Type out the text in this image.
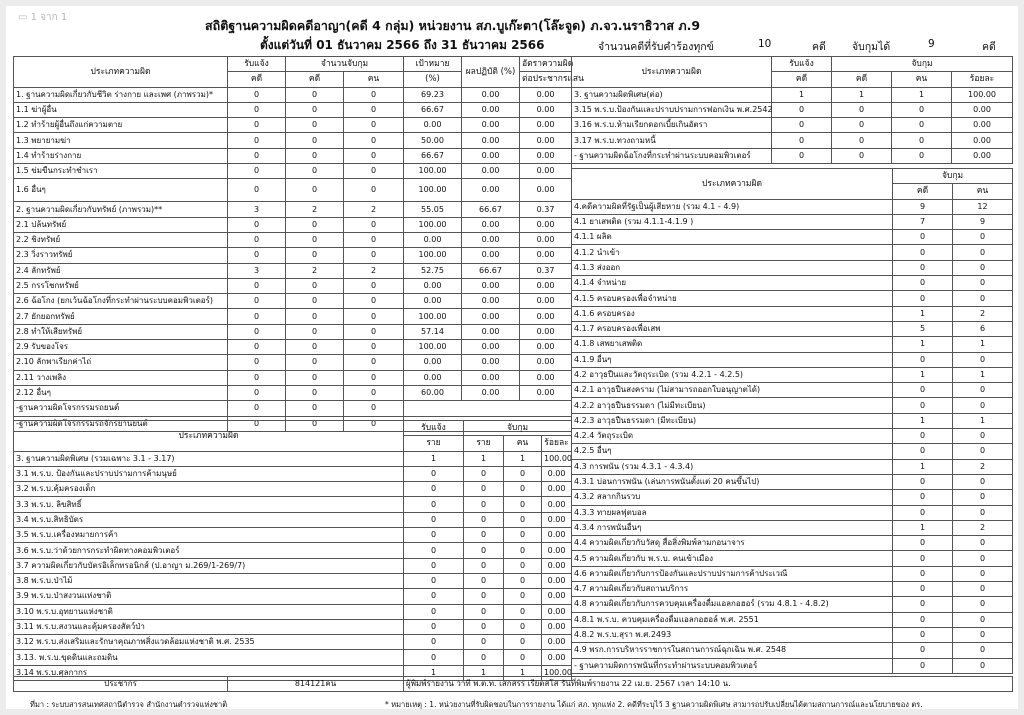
▭ 1 จาก 1
สถิติฐานความผิดคดีอาญา(คดี 4 กลุ่ม) หน่วยงาน สภ.บูเก๊ะตา(โล๊ะจูด) ภ.จว.นราธิวาส ภ.9
ตั้งแต่วันที่ 01 ธันวาคม 2566 ถึง 31 ธันวาคม 2566	จำนวนคดีที่รับคำร้องทุกข์	10	คดี จับกุมได้	9	คดี
ประเภทความผิด	รับแจ้ง	จำนวนจับกุม		เป้าหมาย	ผลปฏิบัติ (%)	อัตราความผิด
	คดี	คดี	คน	(%)		ต่อประชากรแสน
1. ฐานความผิดเกี่ยวกับชีวิต ร่างกาย และเพศ (ภาพรวม)*	0	0	0	69.23	0.00	0.00
1.1 ฆ่าผู้อื่น	0	0	0	66.67	0.00	0.00
1.2 ทำร้ายผู้อื่นถึงแก่ความตาย	0	0	0	0.00	0.00	0.00
1.3 พยายามฆ่า	0	0	0	50.00	0.00	0.00
1.4 ทำร้ายร่างกาย	0	0	0	66.67	0.00	0.00
1.5 ข่มขืนกระทำชำเรา	0	0	0	100.00	0.00	0.00
1.6 อื่นๆ	0	0	0	100.00	0.00	0.00
2. ฐานความผิดเกี่ยวกับทรัพย์ (ภาพรวม)**	3	2	2	55.05	66.67	0.37
2.1 ปล้นทรัพย์	0	0	0	100.00	0.00	0.00
2.2 ชิงทรัพย์	0	0	0	0.00	0.00	0.00
2.3 วิ่งราวทรัพย์	0	0	0	100.00	0.00	0.00
2.4 ลักทรัพย์	3	2	2	52.75	66.67	0.37
2.5 กรรโชกทรัพย์	0	0	0	0.00	0.00	0.00
2.6 ฉ้อโกง (ยกเว้นฉ้อโกงที่กระทำผ่านระบบคอมพิวเตอร์)	0	0	0	0.00	0.00	0.00
2.7 ยักยอกทรัพย์	0	0	0	100.00	0.00	0.00
2.8 ทำให้เสียทรัพย์	0	0	0	57.14	0.00	0.00
2.9 รับของโจร	0	0	0	100.00	0.00	0.00
2.10 ลักพาเรียกค่าไถ่	0	0	0	0.00	0.00	0.00
2.11 วางเพลิง	0	0	0	0.00	0.00	0.00
2.12 อื่นๆ	0	0	0	60.00	0.00	0.00
-ฐานความผิดโจรกรรมรถยนต์	0	0	0			
-ฐานความผิดโจรกรรมรถจักรยานยนต์	0	0	0			
ประเภทความผิด	รับแจ้ง	จับกุม		
	ราย	ราย	คน	ร้อยละ
3. ฐานความผิดพิเศษ (รวมเฉพาะ 3.1 - 3.17)	1	1	1	100.00
3.1 พ.ร.บ. ป้องกันและปราบปรามการค้ามนุษย์	0	0	0	0.00
3.2 พ.ร.บ.คุ้มครองเด็ก	0	0	0	0.00
3.3 พ.ร.บ. ลิขสิทธิ์	0	0	0	0.00
3.4 พ.ร.บ.สิทธิบัตร	0	0	0	0.00
3.5 พ.ร.บ.เครื่องหมายการค้า	0	0	0	0.00
3.6 พ.ร.บ.ว่าด้วยการกระทำผิดทางคอมพิวเตอร์	0	0	0	0.00
3.7 ความผิดเกี่ยวกับบัตรอิเล็กทรอนิกส์ (ป.อาญา ม.269/1-269/7)	0	0	0	0.00
3.8 พ.ร.บ.ป่าไม้	0	0	0	0.00
3.9 พ.ร.บ.ป่าสงวนแห่งชาติ	0	0	0	0.00
3.10 พ.ร.บ.อุทยานแห่งชาติ	0	0	0	0.00
3.11 พ.ร.บ.สงวนและคุ้มครองสัตว์ป่า	0	0	0	0.00
3.12 พ.ร.บ.ส่งเสริมและรักษาคุณภาพสิ่งแวดล้อมแห่งชาติ พ.ศ. 2535	0	0	0	0.00
3.13. พ.ร.บ.ขุดดินและถมดิน	0	0	0	0.00
3.14 พ.ร.บ.ศุลกากร	1	1	1	100.00
ประชากร	814121คน	ผู้พิมพ์รายงาน วาที พ.ต.ท. เสกสรร เรียตสโส รันที่พิมพ์รายงาน 22 เม.ย. 2567 เวลา 14:10 น.
ประเภทความผิด	รับแจ้ง	จับกุม		
	คดี	คดี	คน	ร้อยละ
3. ฐานความผิดพิเศษ(ต่อ)	1	1	1	100.00
3.15 พ.ร.บ.ป้องกันและปราบปรามการฟอกเงิน พ.ศ.2542	0	0	0	0.00
3.16 พ.ร.บ.ห้ามเรียกดอกเบี้ยเกินอัตรา	0	0	0	0.00
3.17 พ.ร.บ.ทวงถามหนี้	0	0	0	0.00
- ฐานความผิดฉ้อโกงที่กระทำผ่านระบบคอมพิวเตอร์	0	0	0	0.00
ประเภทความผิด	จับกุม	
	คดี	คน
4.คดีความผิดที่รัฐเป็นผู้เสียหาย (รวม 4.1 - 4.9)	9	12
4.1 ยาเสพติด (รวม 4.1.1-4.1.9 )	7	9
4.1.1 ผลิต	0	0
4.1.2 นำเข้า	0	0
4.1.3 ส่งออก	0	0
4.1.4 จำหน่าย	0	0
4.1.5 ครอบครองเพื่อจำหน่าย	0	0
4.1.6 ครอบครอง	1	2
4.1.7 ครอบครองเพื่อเสพ	5	6
4.1.8 เสพยาเสพติด	1	1
4.1.9 อื่นๆ	0	0
4.2 อาวุธปืนและวัตถุระเบิด (รวม 4.2.1 - 4.2.5)	1	1
4.2.1 อาวุธปืนสงคราม (ไม่สามารถออกใบอนุญาตได้)	0	0
4.2.2 อาวุธปืนธรรมดา (ไม่มีทะเบียน)	0	0
4.2.3 อาวุธปืนธรรมดา (มีทะเบียน)	1	1
4.2.4 วัตถุระเบิด	0	0
4.2.5 อื่นๆ	0	0
4.3 การพนัน (รวม 4.3.1 - 4.3.4)	1	2
4.3.1 บ่อนการพนัน (เล่นการพนันตั้งแต่ 20 คนขึ้นไป)	0	0
4.3.2 สลากกินรวบ	0	0
4.3.3 ทายผลฟุตบอล	0	0
4.3.4 การพนันอื่นๆ	1	2
4.4 ความผิดเกี่ยวกับวัสดุ สื่อสิ่งพิมพ์ลามกอนาจาร	0	0
4.5 ความผิดเกี่ยวกับ พ.ร.บ. คนเข้าเมือง	0	0
4.6 ความผิดเกี่ยวกับการป้องกันและปราบปรามการค้าประเวณี	0	0
4.7 ความผิดเกี่ยวกับสถานบริการ	0	0
4.8 ความผิดเกี่ยวกับการควบคุมเครื่องดื่มแอลกอฮอร์ (รวม 4.8.1 - 4.8.2)	0	0
4.8.1 พ.ร.บ. ควบคุมเครื่องดื่มแอลกอฮอล์ พ.ศ. 2551	0	0
4.8.2 พ.ร.บ.สุรา พ.ศ.2493	0	0
4.9 พรก.การบริหารราชการในสถานการณ์ฉุกเฉิน พ.ศ. 2548	0	0
- ฐานความผิดการพนันที่กระทำผ่านระบบคอมพิวเตอร์	0	0
ที่มา : ระบบสารสนเทศสถานีตำรวจ สำนักงานตำรวจแห่งชาติ	* หมายเหตุ : 1. หน่วยงานที่รับผิดชอบในการรายงาน ได้แก่ สภ. ทุกแห่ง 2. คดีที่ระบุไว้ 3 ฐานความผิดพิเศษ สามารถปรับเปลี่ยนได้ตามสถานการณ์และนโยบายของ ตร.
